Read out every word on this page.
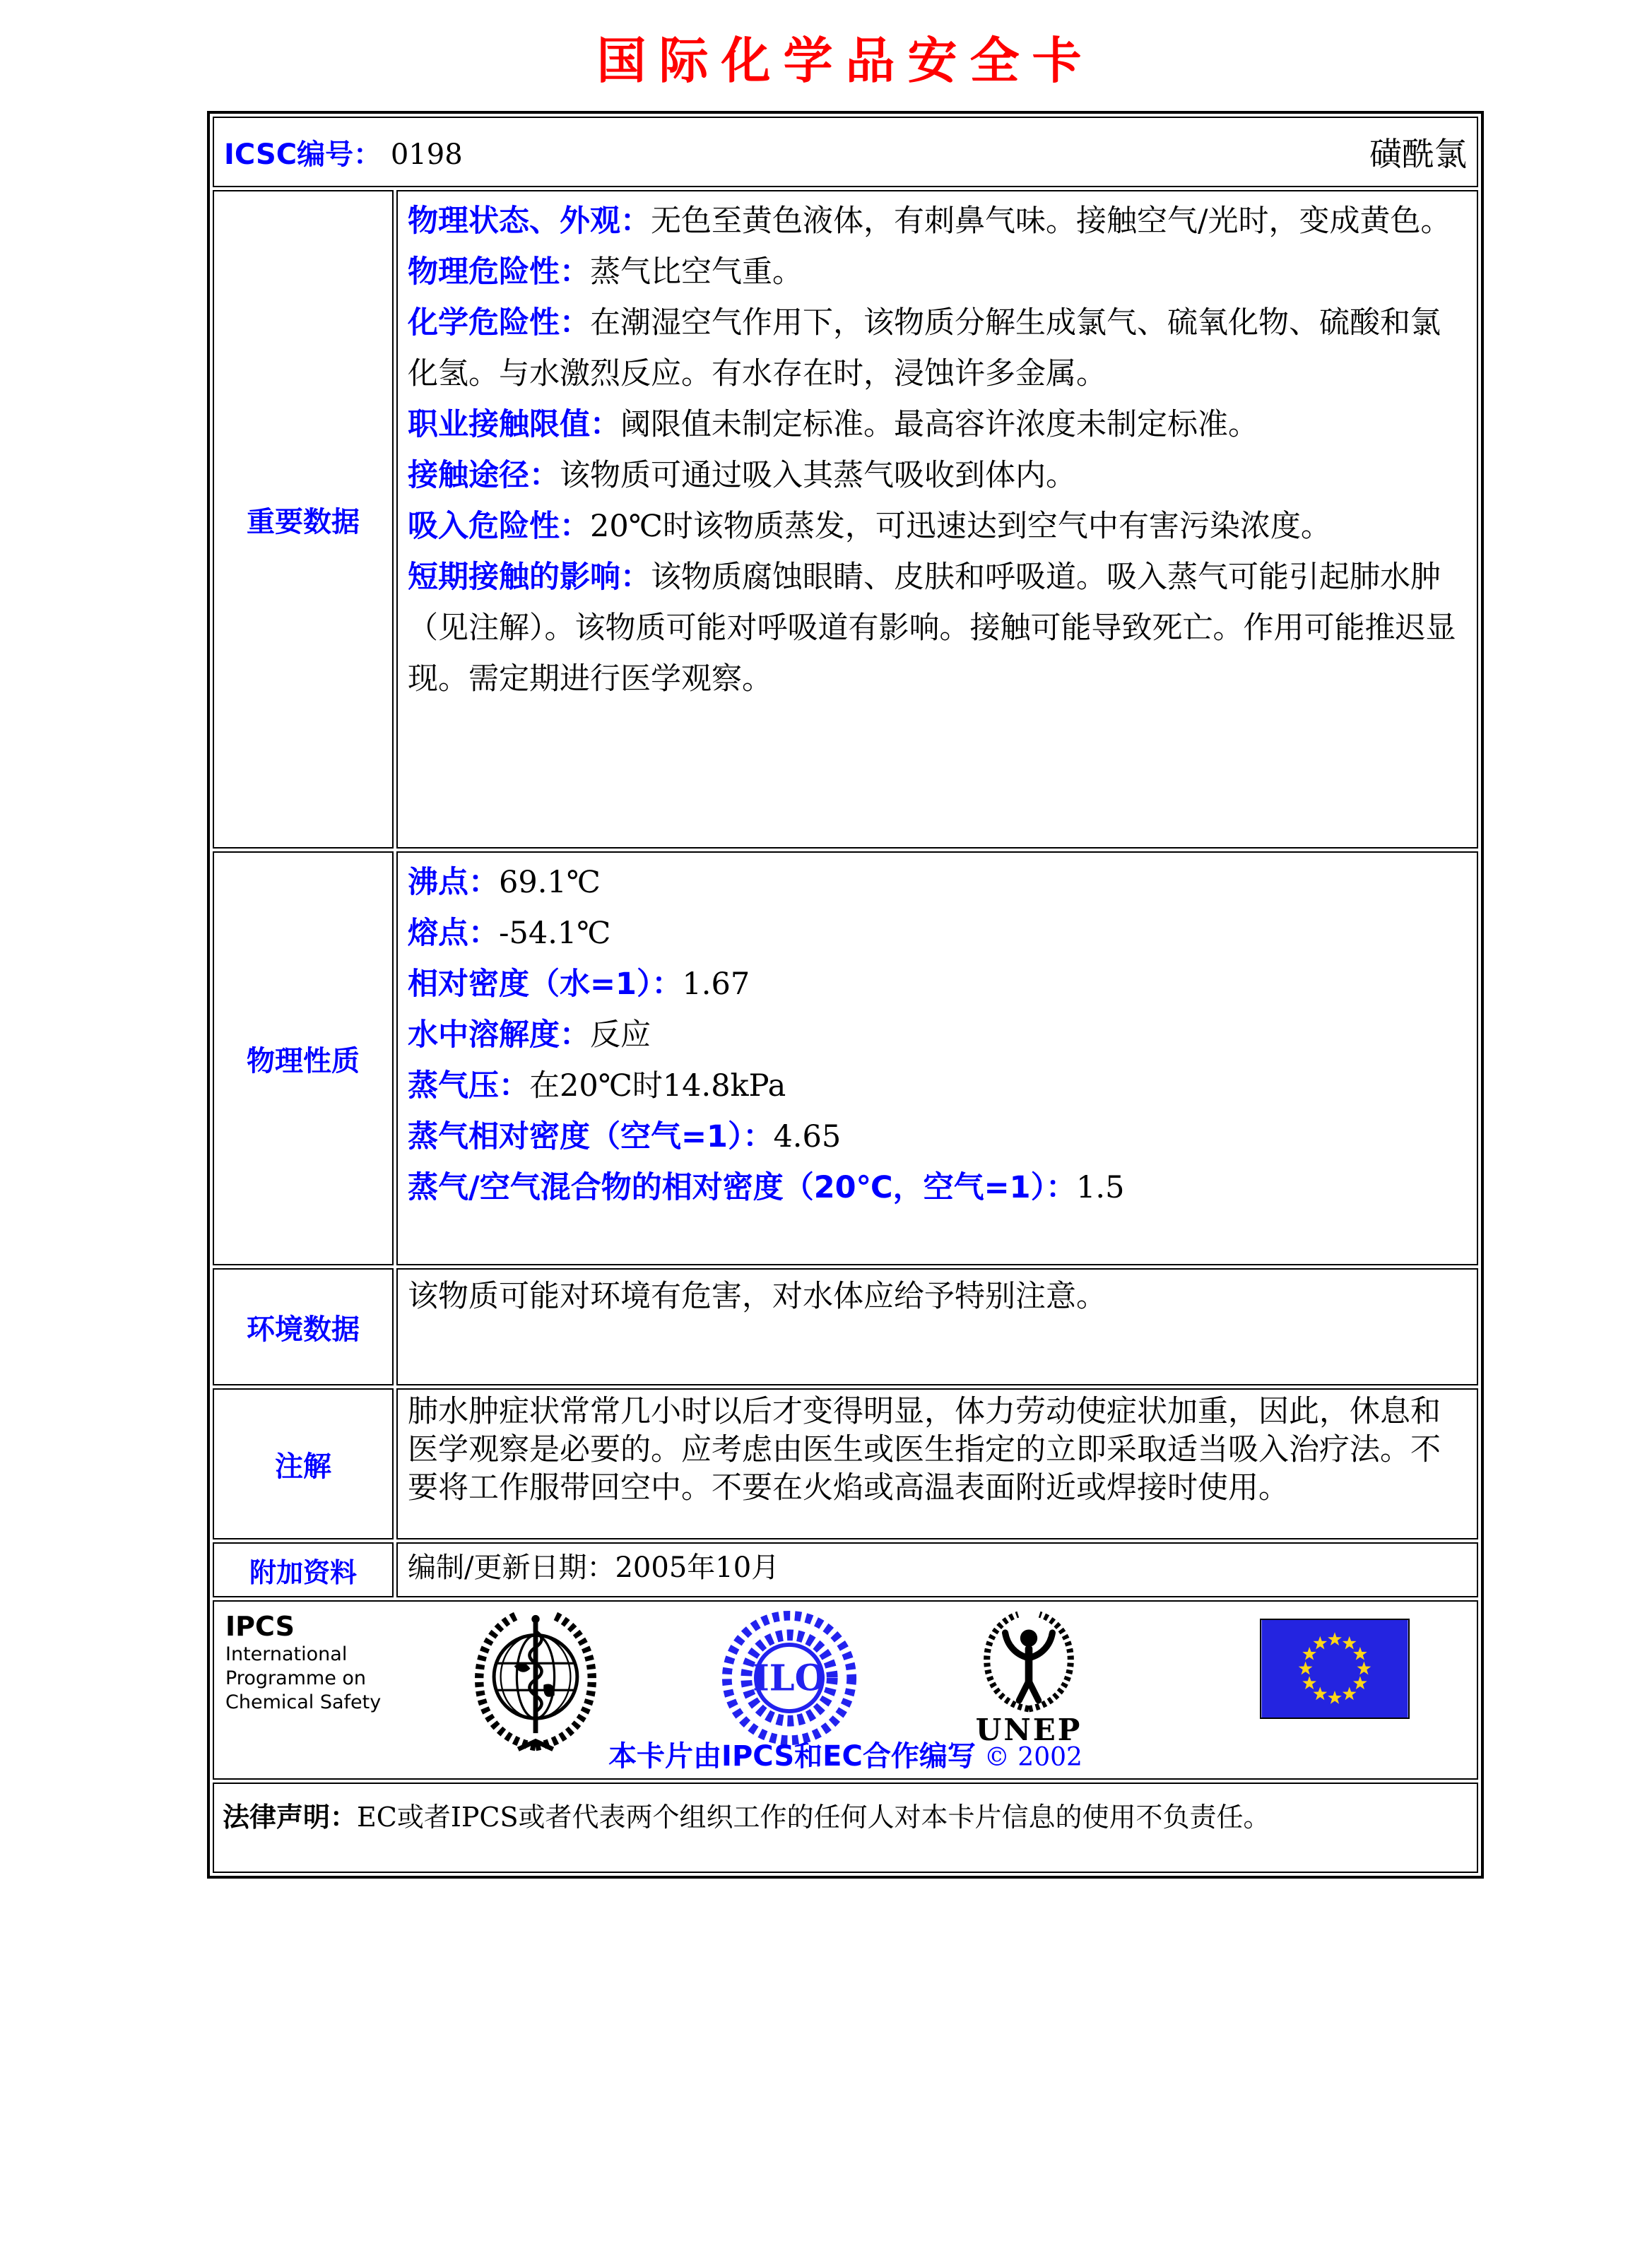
国际化学品安全卡
ICSC编号： 0198	磺酰氯
重要数据

物理状态、外观：无色至黄色液体，有刺鼻气味。接触空气/光时，变成黄色。

物理危险性：蒸气比空气重。

化学危险性：在潮湿空气作用下，该物质分解生成氯气、硫氧化物、硫酸和氯化氢。与水激烈反应。有水存在时，浸蚀许多金属。

职业接触限值：阈限值未制定标准。最高容许浓度未制定标准。

接触途径：该物质可通过吸入其蒸气吸收到体内。

吸入危险性：20℃时该物质蒸发，可迅速达到空气中有害污染浓度。

短期接触的影响：该物质腐蚀眼睛、皮肤和呼吸道。吸入蒸气可能引起肺水肿（见注解）。该物质可能对呼吸道有影响。接触可能导致死亡。作用可能推迟显现。需定期进行医学观察。

物理性质

沸点：69.1℃

熔点：-54.1℃

相对密度（水=1）：1.67

水中溶解度：反应

蒸气压：在20℃时14.8kPa

蒸气相对密度（空气=1）：4.65

蒸气/空气混合物的相对密度（20℃，空气=1）：1.5

环境数据

该物质可能对环境有危害，对水体应给予特别注意。

注解

肺水肿症状常常几小时以后才变得明显，体力劳动使症状加重，因此，休息和医学观察是必要的。应考虑由医生或医生指定的立即采取适当吸入治疗法。不要将工作服带回空中。不要在火焰或高温表面附近或焊接时使用。

附加资料	编制/更新日期：2005年10月
IPCS
International
Programme on
Chemical Safety
ILO
UNEP
本卡片由IPCS和EC合作编写 © 2002
法律声明：EC或者IPCS或者代表两个组织工作的任何人对本卡片信息的使用不负责任。
